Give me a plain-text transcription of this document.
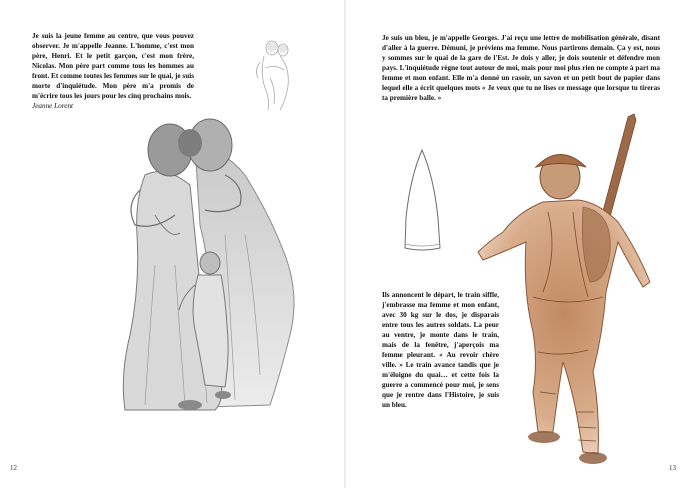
Je suis la jeune femme au centre, que vous pouvez observer. Je m'appelle Jeanne. L'homme, c'est mon père, Henri. Et le petit garçon, c'est mon frère, Nicolas. Mon père part comme tous les hommes au front. Et comme toutes les femmes sur le quai, je suis morte d'inquiétude. Mon père m'a promis de m'écrire tous les jours pour les cinq prochains mois.

Jeanne Lorent

12	13

Je suis un bleu, je m'appelle Georges. J'ai reçu une lettre de mobilisation générale, disant d'aller à la guerre. Démuni, je préviens ma femme. Nous partirons demain. Ça y est, nous y sommes sur le quai de la gare de l'Est. Je dois y aller, je dois soutenir et défendre mon pays. L'inquiétude règne tout autour de moi, mais pour moi plus rien ne compte à part ma femme et mon enfant. Elle m'a donné un rasoir, un savon et un petit bout de papier dans lequel elle a écrit quelques mots « Je veux que tu ne lises ce message que lorsque tu tireras ta première balle. »

Ils annoncent le départ, le train siffle, j'embrasse ma femme et mon enfant, avec 30 kg sur le dos, je disparais entre tous les autres soldats. La peur au ventre, je monte dans le train, mais de la fenêtre, j'aperçois ma femme pleurant. « Au revoir chère ville. » Le train avance tandis que je m'éloigne du quai… et cette fois la guerre a commencé pour moi, je sens que je rentre dans l'Histoire, je suis un bleu.
